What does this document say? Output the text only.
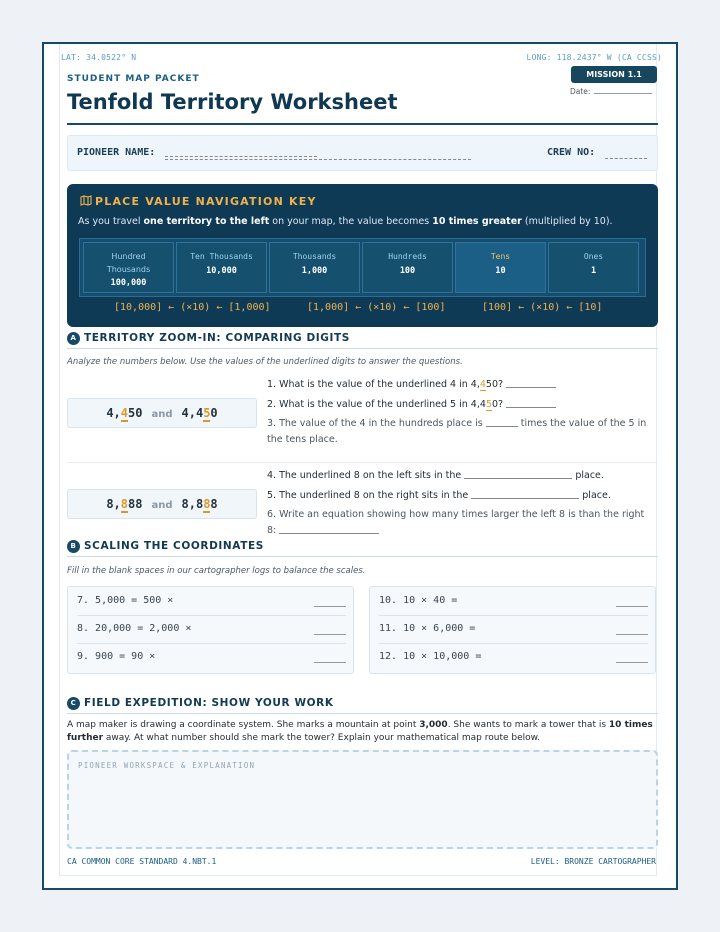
LAT: 34.0522° N	LONG: 118.2437° W (CA CCSS)
STUDENT MAP PACKET
Tenfold Territory Worksheet
MISSION 1.1
Date:
PIONEER NAME:	CREW NO:
PLACE VALUE NAVIGATION KEY
As you travel one territory to the left on your map, the value becomes 10 times greater (multiplied by 10).
Hundred Thousands
100,000
Ten Thousands
10,000
Thousands
1,000
Hundreds
100
Tens
10
Ones
1
[10,000] ← (×10) ← [1,000]	[1,000] ← (×10) ← [100]	[100] ← (×10) ← [10]
A TERRITORY ZOOM-IN: COMPARING DIGITS
Analyze the numbers below. Use the values of the underlined digits to answer the questions.
4,450 and 4,450
1. What is the value of the underlined 4 in 4,450?
2. What is the value of the underlined 5 in 4,450?
3. The value of the 4 in the hundreds place is	times the value of the 5 in
the tens place.
8,888 and 8,888
4. The underlined 8 on the left sits in the	place.
5. The underlined 8 on the right sits in the	place.
6. Write an equation showing how many times larger the left 8 is than the right
8:
B SCALING THE COORDINATES
Fill in the blank spaces in our cartographer logs to balance the scales.
7. 5,000 = 500 ×
8. 20,000 = 2,000 ×
9. 900 = 90 ×
10. 10 × 40 =
11. 10 × 6,000 =
12. 10 × 10,000 =
C FIELD EXPEDITION: SHOW YOUR WORK
A map maker is drawing a coordinate system. She marks a mountain at point 3,000. She wants to mark a tower that is 10 times
further away. At what number should she mark the tower? Explain your mathematical map route below.
PIONEER WORKSPACE & EXPLANATION
CA COMMON CORE STANDARD 4.NBT.1	LEVEL: BRONZE CARTOGRAPHER
